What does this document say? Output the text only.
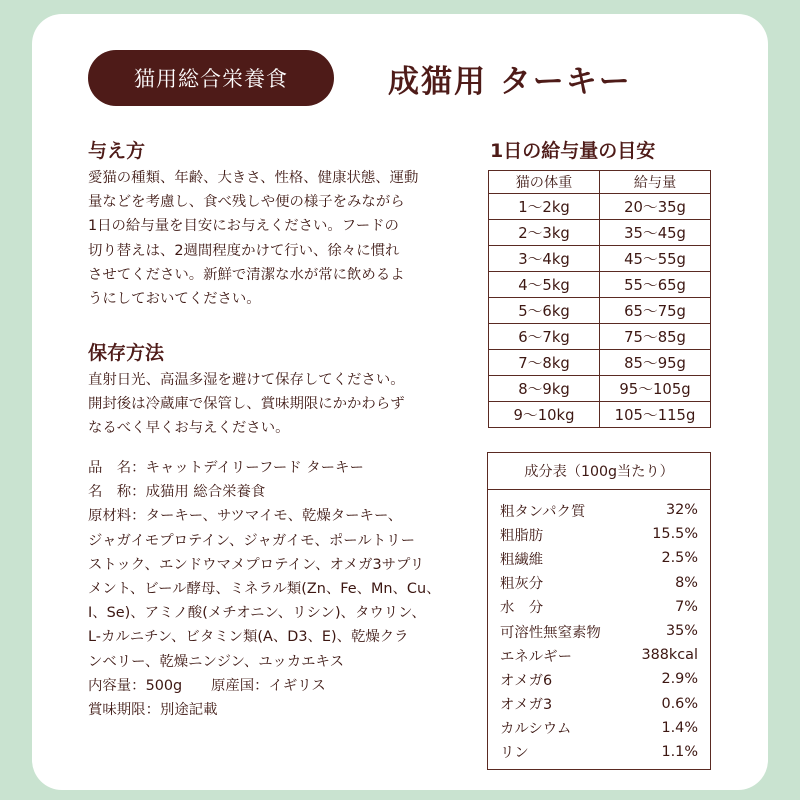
猫用総合栄養食	成猫用 ターキー
与え方
愛猫の種類、年齢、大きさ、性格、健康状態、運動
量などを考慮し、食べ残しや便の様子をみながら
1日の給与量を目安にお与えください。フードの
切り替えは、2週間程度かけて行い、徐々に慣れ
させてください。新鮮で清潔な水が常に飲めるよ
うにしておいてください。
保存方法
直射日光、高温多湿を避けて保存してください。
開封後は冷蔵庫で保管し、賞味期限にかかわらず
なるべく早くお与えください。
品　名：キャットデイリーフード ターキー
名　称：成猫用 総合栄養食
原材料：ターキー、サツマイモ、乾燥ターキー、
ジャガイモプロテイン、ジャガイモ、ポールトリー
ストック、エンドウマメプロテイン、オメガ3サプリ
メント、ビール酵母、ミネラル類(Zn、Fe、Mn、Cu、
I、Se)、アミノ酸(メチオニン、リシン)、タウリン、
L-カルニチン、ビタミン類(A、D3、E)、乾燥クラ
ンベリー、乾燥ニンジン、ユッカエキス
内容量：500g　　原産国：イギリス
賞味期限：別途記載
1日の給与量の目安
猫の体重	給与量
1〜2kg	20〜35g
2〜3kg	35〜45g
3〜4kg	45〜55g
4〜5kg	55〜65g
5〜6kg	65〜75g
6〜7kg	75〜85g
7〜8kg	85〜95g
8〜9kg	95〜105g
9〜10kg	105〜115g
成分表（100g当たり）
粗タンパク質	32%
粗脂肪	15.5%
粗繊維	2.5%
粗灰分	8%
水　分	7%
可溶性無窒素物	35%
エネルギー	388kcal
オメガ6	2.9%
オメガ3	0.6%
カルシウム	1.4%
リン	1.1%
